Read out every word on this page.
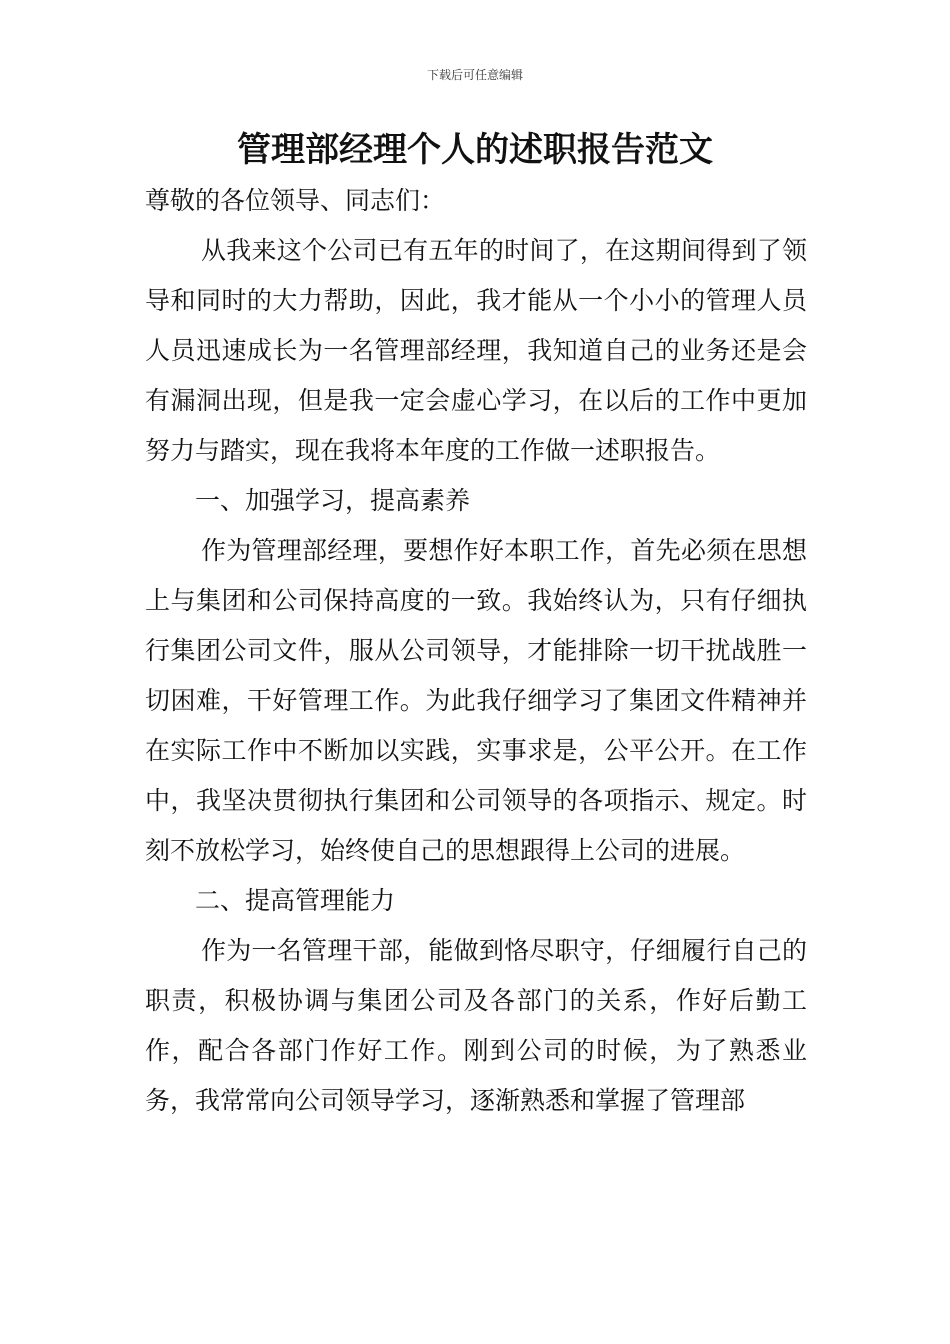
下载后可任意编辑
管理部经理个人的述职报告范文

尊敬的各位领导、同志们：

从我来这个公司已有五年的时间了，在这期间得到了领导和同时的大力帮助，因此，我才能从一个小小的管理人员人员迅速成长为一名管理部经理，我知道自己的业务还是会有漏洞出现，但是我一定会虚心学习，在以后的工作中更加努力与踏实，现在我将本年度的工作做一述职报告。

一、加强学习，提高素养

作为管理部经理，要想作好本职工作，首先必须在思想上与集团和公司保持高度的一致。我始终认为，只有仔细执行集团公司文件，服从公司领导，才能排除一切干扰战胜一切困难，干好管理工作。为此我仔细学习了集团文件精神并在实际工作中不断加以实践，实事求是，公平公开。在工作中，我坚决贯彻执行集团和公司领导的各项指示、规定。时刻不放松学习，始终使自己的思想跟得上公司的进展。

二、提高管理能力

作为一名管理干部，能做到恪尽职守，仔细履行自己的职责，积极协调与集团公司及各部门的关系，作好后勤工作，配合各部门作好工作。刚到公司的时候，为了熟悉业务，我常常向公司领导学习，逐渐熟悉和掌握了管理部
